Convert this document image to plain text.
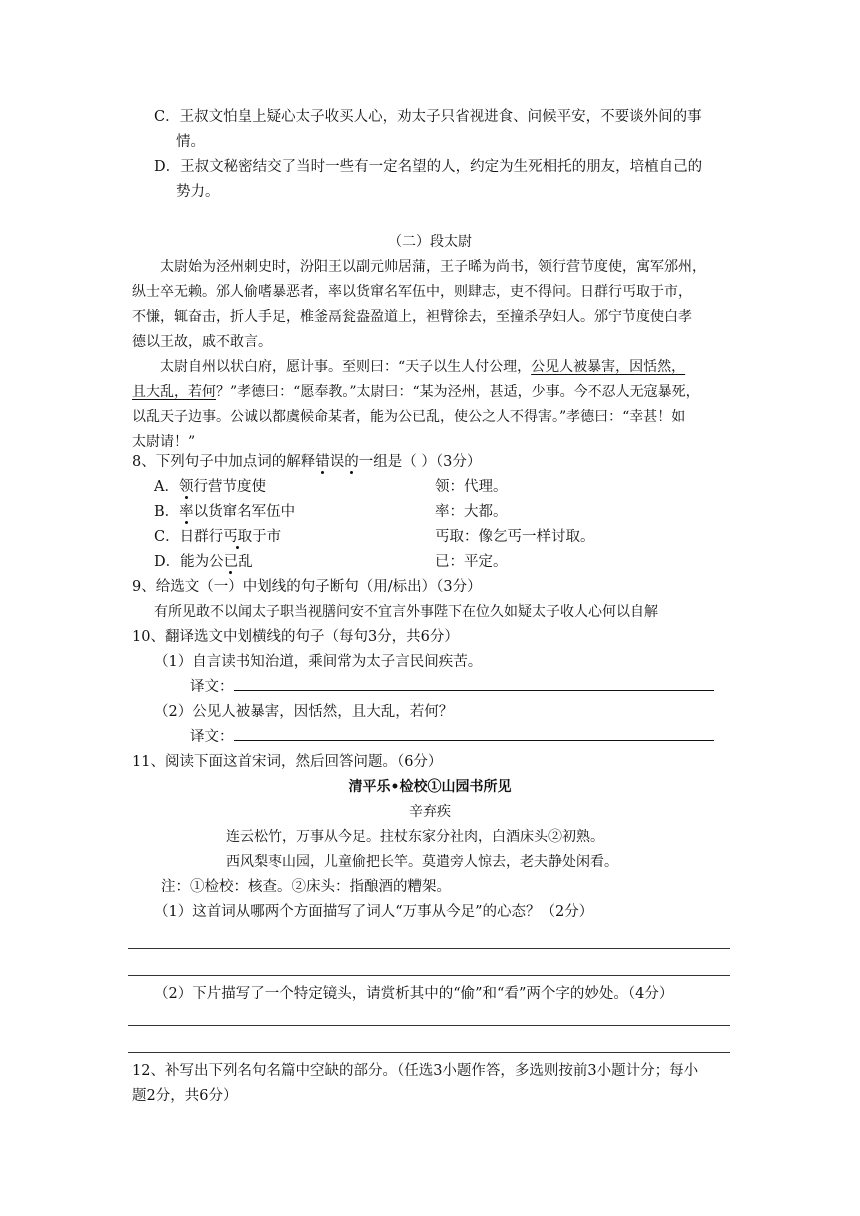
C．王叔文怕皇上疑心太子收买人心，劝太子只省视进食、问候平安，不要谈外间的事
情。
D．王叔文秘密结交了当时一些有一定名望的人，约定为生死相托的朋友，培植自己的
势力。
（二）段太尉
太尉始为泾州刺史时，汾阳王以副元帅居蒲，王子晞为尚书，领行营节度使，寓军邠州，
纵士卒无赖。邠人偷嗜暴恶者，率以货窜名军伍中，则肆志，吏不得问。日群行丐取于市，
不慊，辄奋击，折人手足，椎釜鬲瓮盎盈道上，袒臂徐去，至撞杀孕妇人。邠宁节度使白孝
德以王故，戚不敢言。
太尉自州以状白府，愿计事。至则曰：“天子以生人付公理，公见人被暴害，因恬然，
且大乱，若何？”孝德曰：“愿奉教。”太尉曰：“某为泾州，甚适，少事。今不忍人无寇暴死，
以乱天子边事。公诚以都虞候命某者，能为公已乱，使公之人不得害。”孝德曰：“幸甚！如
太尉请！”
8、下列句子中加点词的解释错误的一组是（ ）（3分）
A．领行营节度使	领：代理。
B．率以货窜名军伍中	率：大都。
C．日群行丐取于市	丐取：像乞丐一样讨取。
D．能为公已乱	已：平定。
9、给选文（一）中划线的句子断句（用/标出）（3分）
有所见敢不以闻太子职当视膳问安不宜言外事陛下在位久如疑太子收人心何以自解
10、翻译选文中划横线的句子（每句3分，共6分）
（1）自言读书知治道，乘间常为太子言民间疾苦。
译文：
（2）公见人被暴害，因恬然，且大乱，若何？
译文：
11、阅读下面这首宋词，然后回答问题。（6分）
清平乐•检校①山园书所见
辛弃疾
连云松竹，万事从今足。拄杖东家分社肉，白酒床头②初熟。
西风梨枣山园，儿童偷把长竿。莫遣旁人惊去，老夫静处闲看。
注：①检校：核查。②床头：指酿酒的糟架。
（1）这首词从哪两个方面描写了词人“万事从今足”的心态？（2分）
（2）下片描写了一个特定镜头，请赏析其中的“偷”和“看”两个字的妙处。（4分）
12、补写出下列名句名篇中空缺的部分。（任选3小题作答，多选则按前3小题计分；每小
题2分，共6分）
